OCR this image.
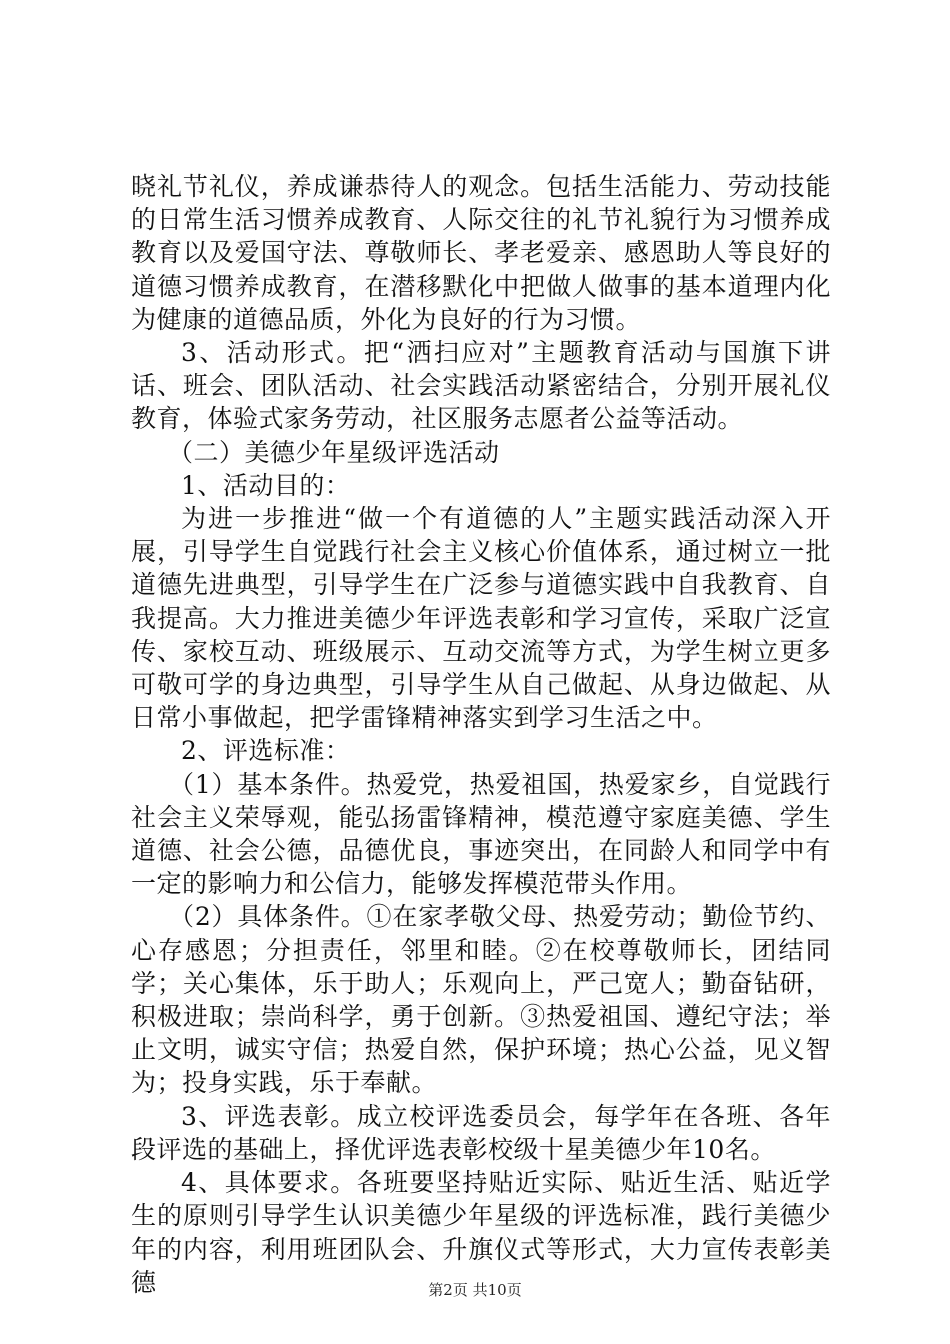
晓礼节礼仪，养成谦恭待人的观念。包括生活能力、劳动技能的日常生活习惯养成教育、人际交往的礼节礼貌行为习惯养成教育以及爱国守法、尊敬师长、孝老爱亲、感恩助人等良好的道德习惯养成教育，在潜移默化中把做人做事的基本道理内化为健康的道德品质，外化为良好的行为习惯。

3、活动形式。把“洒扫应对”主题教育活动与国旗下讲话、班会、团队活动、社会实践活动紧密结合，分别开展礼仪教育，体验式家务劳动，社区服务志愿者公益等活动。

（二）美德少年星级评选活动

1、活动目的：

为进一步推进“做一个有道德的人”主题实践活动深入开展，引导学生自觉践行社会主义核心价值体系，通过树立一批道德先进典型，引导学生在广泛参与道德实践中自我教育、自我提高。大力推进美德少年评选表彰和学习宣传，采取广泛宣传、家校互动、班级展示、互动交流等方式，为学生树立更多可敬可学的身边典型，引导学生从自己做起、从身边做起、从日常小事做起，把学雷锋精神落实到学习生活之中。

2、评选标准：

（1）基本条件。热爱党，热爱祖国，热爱家乡，自觉践行社会主义荣辱观，能弘扬雷锋精神，模范遵守家庭美德、学生道德、社会公德，品德优良，事迹突出，在同龄人和同学中有一定的影响力和公信力，能够发挥模范带头作用。

（2）具体条件。①在家孝敬父母、热爱劳动；勤俭节约、心存感恩；分担责任，邻里和睦。②在校尊敬师长，团结同学；关心集体，乐于助人；乐观向上，严己宽人；勤奋钻研，积极进取；崇尚科学，勇于创新。③热爱祖国、遵纪守法；举止文明，诚实守信；热爱自然，保护环境；热心公益，见义智为；投身实践，乐于奉献。

3、评选表彰。成立校评选委员会，每学年在各班、各年段评选的基础上，择优评选表彰校级十星美德少年10名。

4、具体要求。各班要坚持贴近实际、贴近生活、贴近学生的原则引导学生认识美德少年星级的评选标准，践行美德少年的内容，利用班团队会、升旗仪式等形式，大力宣传表彰美德	第2页 共10页
